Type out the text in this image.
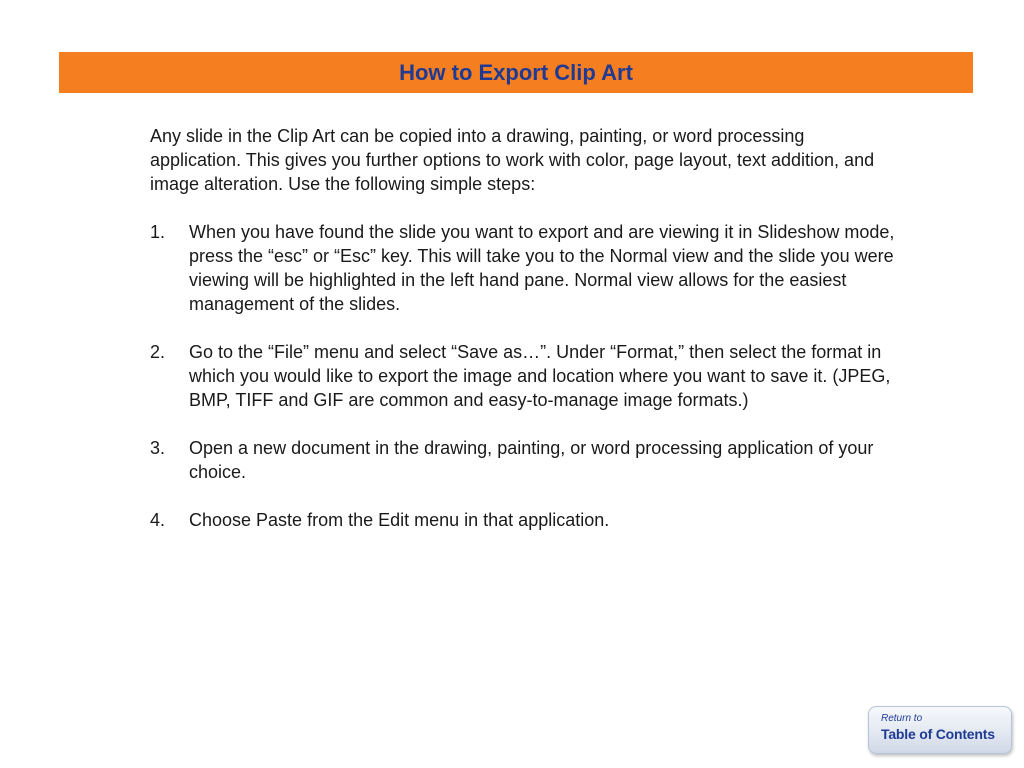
How to Export Clip Art

Any slide in the Clip Art can be copied into a drawing, painting, or word processing application. This gives you further options to work with color, page layout, text addition, and image alteration. Use the following simple steps:

1.	When you have found the slide you want to export and are viewing it in Slideshow mode, press the “esc” or “Esc” key. This will take you to the Normal view and the slide you were viewing will be highlighted in the left hand pane. Normal view allows for the easiest management of the slides.
2.	Go to the “File” menu and select “Save as…”. Under “Format,” then select the format in which you would like to export the image and location where you want to save it. (JPEG, BMP, TIFF and GIF are common and easy-to-manage image formats.)
3.	Open a new document in the drawing, painting, or word processing application of your choice.
4.	Choose Paste from the Edit menu in that application.
Return to
Table of Contents
